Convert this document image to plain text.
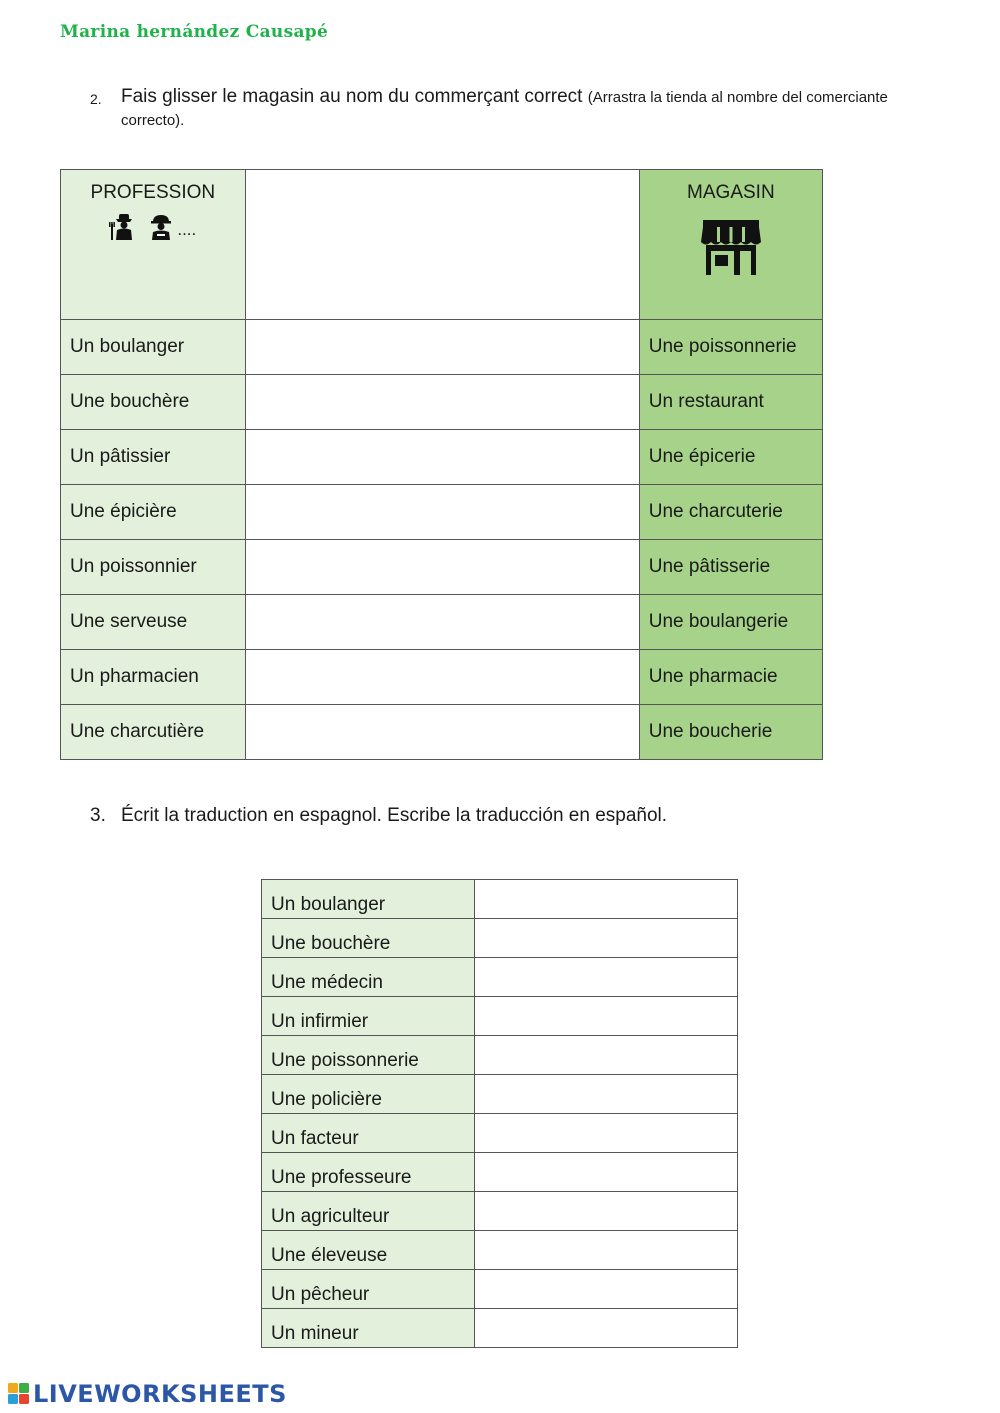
Marina hernández Causapé
2. Fais glisser le magasin au nom du commerçant correct (Arrastra la tienda al nombre del comerciante correcto).
PROFESSION
....		MAGASIN

Un boulanger		Une poissonnerie
Une bouchère		Un restaurant
Un pâtissier		Une épicerie
Une épicière		Une charcuterie
Un poissonnier		Une pâtisserie
Une serveuse		Une boulangerie
Un pharmacien		Une pharmacie
Une charcutière		Une boucherie
3. Écrit la traduction en espagnol. Escribe la traducción en español.
Un boulanger	
Une bouchère	
Une médecin	
Un infirmier	
Une poissonnerie	
Une policière	
Un facteur	
Une professeure	
Un agriculteur	
Une éleveuse	
Un pêcheur	
Un mineur	
LIVEWORKSHEETS
